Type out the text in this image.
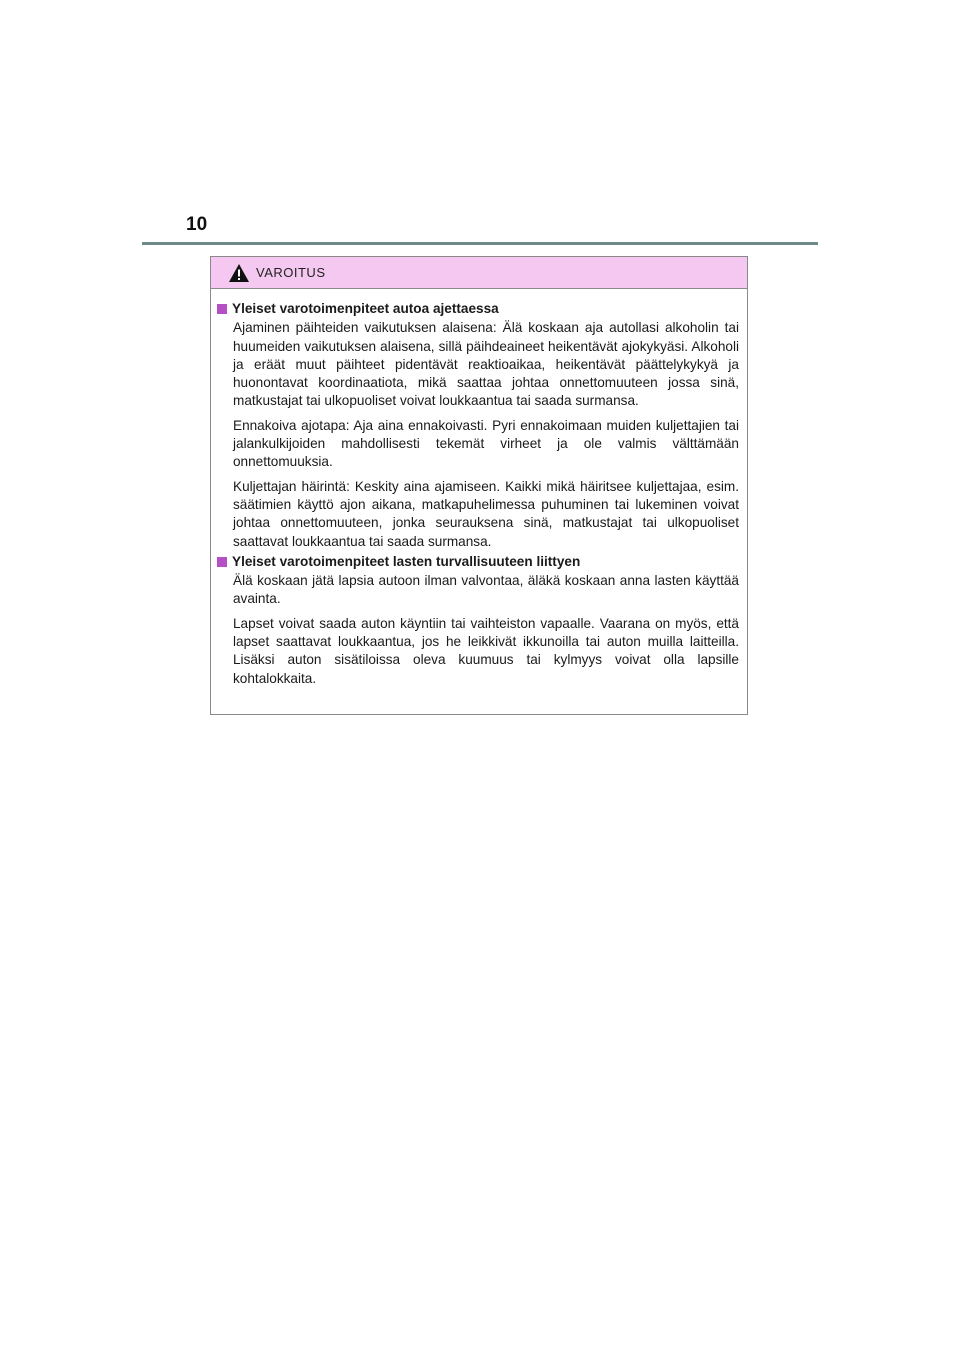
10
VAROITUS
Yleiset varotoimenpiteet autoa ajettaessa

Ajaminen päihteiden vaikutuksen alaisena: Älä koskaan aja autollasi alkoholin tai huumeiden vaikutuksen alaisena, sillä päihdeaineet heikentävät ajokykyäsi. Alkoholi ja eräät muut päihteet pidentävät reaktioaikaa, heikentävät päättelykykyä ja huonontavat koordinaatiota, mikä saattaa johtaa onnettomuuteen jossa sinä, matkustajat tai ulkopuoliset voivat loukkaantua tai saada surmansa.

Ennakoiva ajotapa: Aja aina ennakoivasti. Pyri ennakoimaan muiden kuljettajien tai jalankulkijoiden mahdollisesti tekemät virheet ja ole valmis välttämään onnettomuuksia.

Kuljettajan häirintä: Keskity aina ajamiseen. Kaikki mikä häiritsee kuljettajaa, esim. säätimien käyttö ajon aikana, matkapuhelimessa puhuminen tai lukeminen voivat johtaa onnettomuuteen, jonka seurauksena sinä, matkustajat tai ulkopuoliset saattavat loukkaantua tai saada surmansa.

Yleiset varotoimenpiteet lasten turvallisuuteen liittyen

Älä koskaan jätä lapsia autoon ilman valvontaa, äläkä koskaan anna lasten käyttää avainta.

Lapset voivat saada auton käyntiin tai vaihteiston vapaalle. Vaarana on myös, että lapset saattavat loukkaantua, jos he leikkivät ikkunoilla tai auton muilla laitteilla. Lisäksi auton sisätiloissa oleva kuumuus tai kylmyys voivat olla lapsille kohtalokkaita.
